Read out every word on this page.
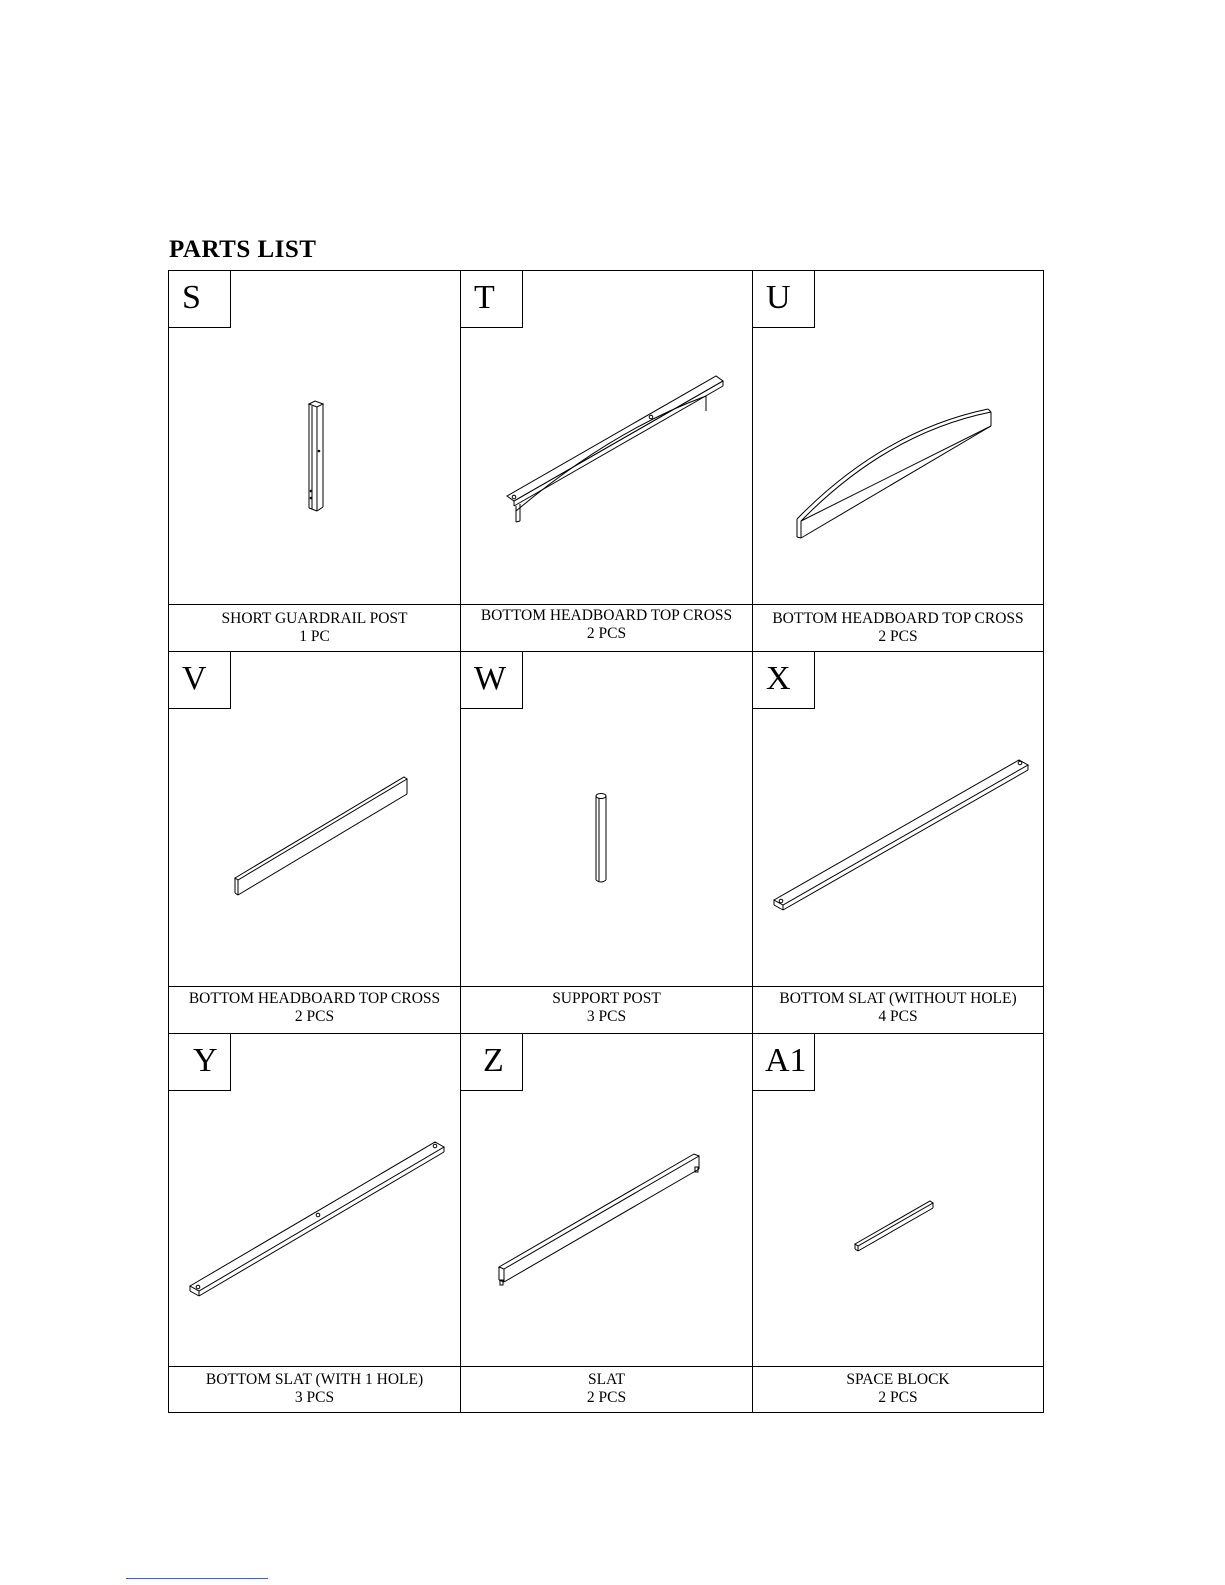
PARTS LIST
S
SHORT GUARDRAIL POST
1 PC
T
BOTTOM HEADBOARD TOP CROSS
2 PCS
U
BOTTOM HEADBOARD TOP CROSS
2 PCS
V
BOTTOM HEADBOARD TOP CROSS
2 PCS
W
SUPPORT POST
3 PCS
X
BOTTOM SLAT (WITHOUT HOLE)
4 PCS
Y
BOTTOM SLAT (WITH 1 HOLE)
3 PCS
Z
SLAT
2 PCS
A1
SPACE BLOCK
2 PCS
